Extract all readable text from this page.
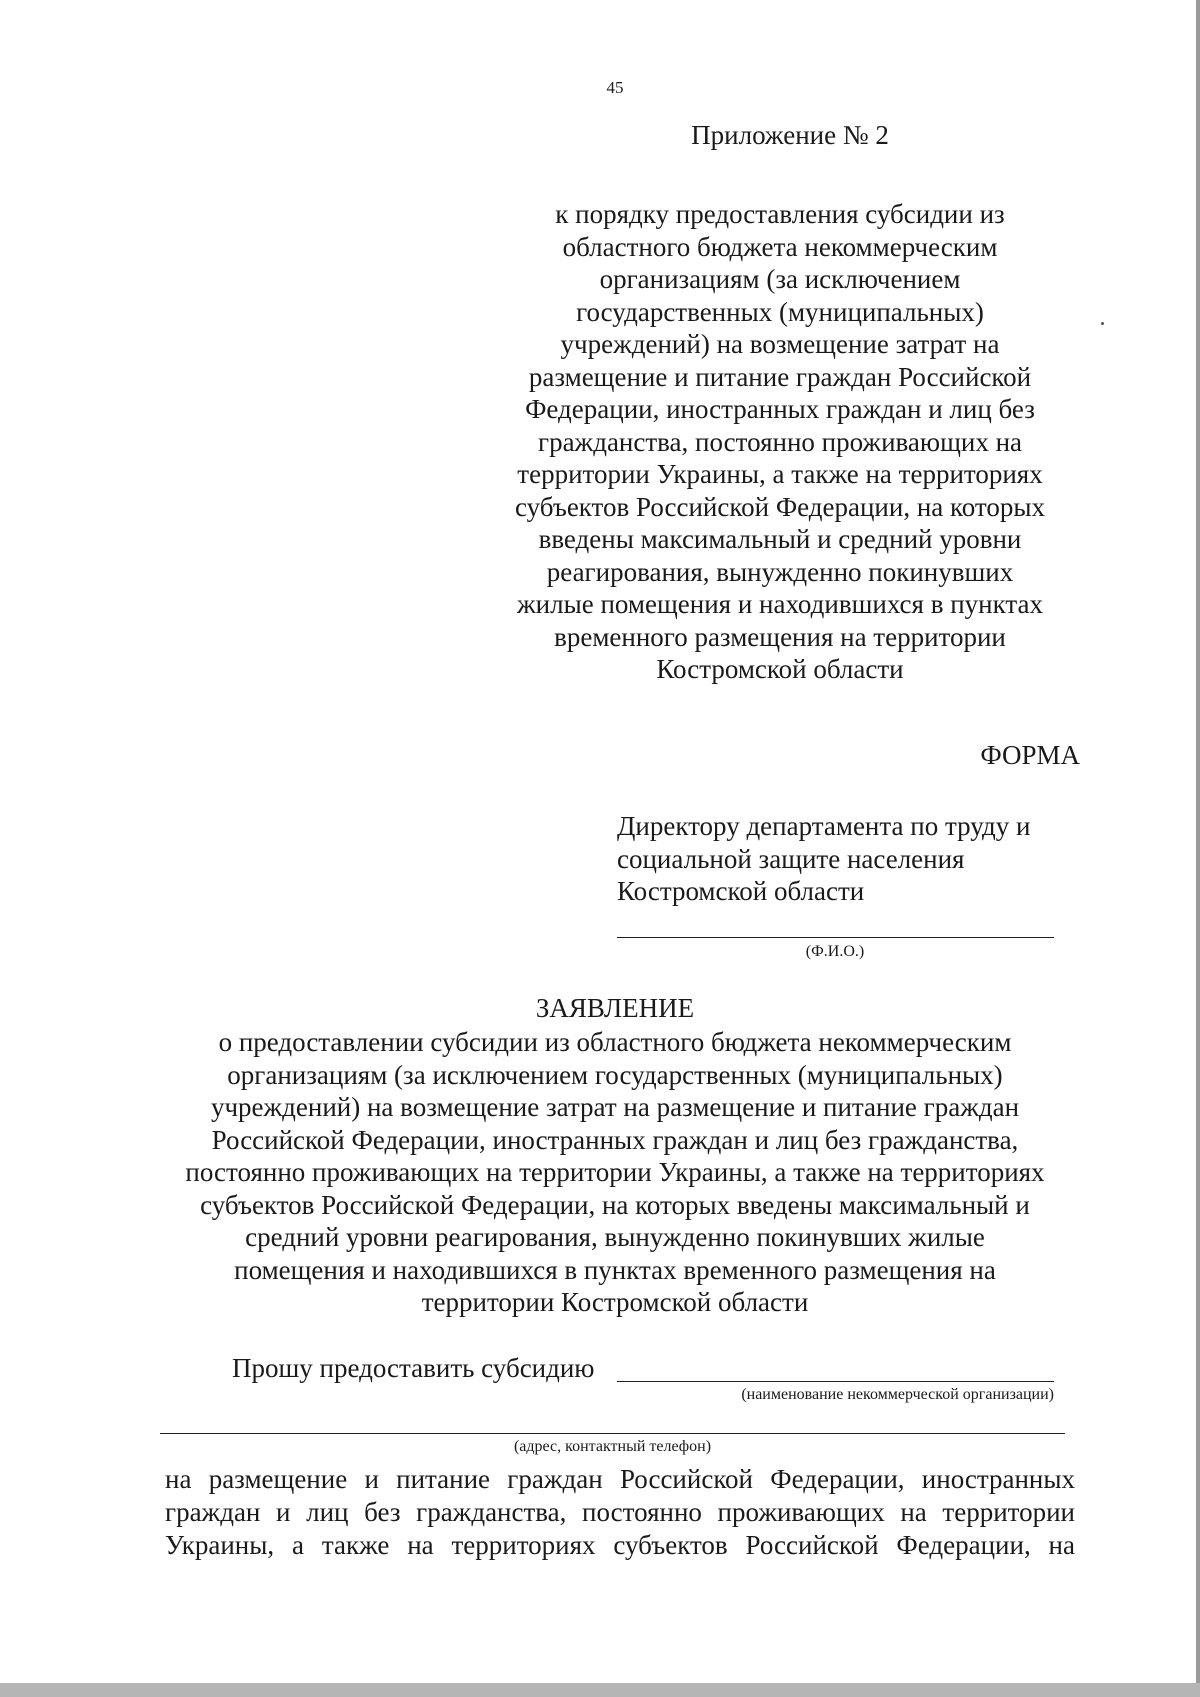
45
Приложение № 2
к порядку предоставления субсидии из
областного бюджета некоммерческим
организациям (за исключением
государственных (муниципальных)
учреждений) на возмещение затрат на
размещение и питание граждан Российской
Федерации, иностранных граждан и лиц без
гражданства, постоянно проживающих на
территории Украины, а также на территориях
субъектов Российской Федерации, на которых
введены максимальный и средний уровни
реагирования, вынужденно покинувших
жилые помещения и находившихся в пунктах
временного размещения на территории
Костромской области
ФОРМА
Директору департамента по труду и
социальной защите населения
Костромской области
(Ф.И.О.)
ЗАЯВЛЕНИЕ
о предоставлении субсидии из областного бюджета некоммерческим
организациям (за исключением государственных (муниципальных)
учреждений) на возмещение затрат на размещение и питание граждан
Российской Федерации, иностранных граждан и лиц без гражданства,
постоянно проживающих на территории Украины, а также на территориях
субъектов Российской Федерации, на которых введены максимальный и
средний уровни реагирования, вынужденно покинувших жилые
помещения и находившихся в пунктах временного размещения на
территории Костромской области
Прошу предоставить субсидию
(наименование некоммерческой организации)
(адрес, контактный телефон)
на размещение и питание граждан Российской Федерации, иностранных
граждан и лиц без гражданства, постоянно проживающих на территории
Украины, а также на территориях субъектов Российской Федерации, на
